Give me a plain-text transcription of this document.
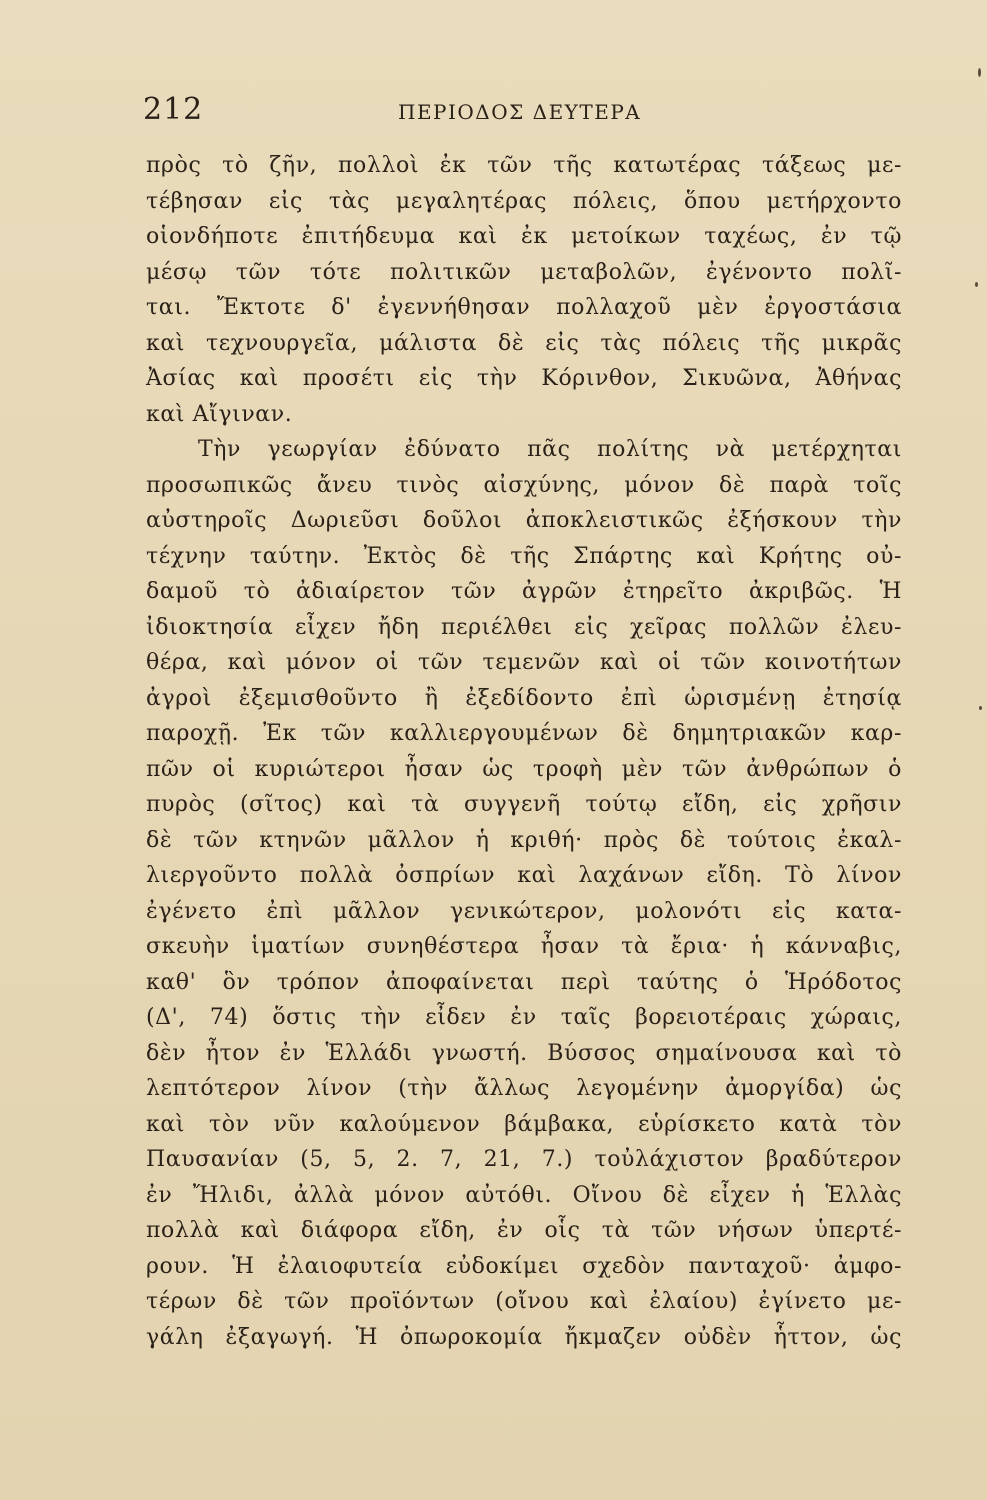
212	ΠΕΡΙΟΔΟΣ ΔΕΥΤΕΡΑ
πρὸς τὸ ζῆν, πολλοὶ ἐκ τῶν τῆς κατωτέρας τάξεως με-
τέβησαν εἰς τὰς μεγαλητέρας πόλεις, ὅπου μετήρχοντο
οἱονδήποτε ἐπιτήδευμα καὶ ἐκ μετοίκων ταχέως, ἐν τῷ
μέσῳ τῶν τότε πολιτικῶν μεταβολῶν, ἐγένοντο πολῖ-
ται. Ἔκτοτε δ' ἐγεννήθησαν πολλαχοῦ μὲν ἐργοστάσια
καὶ τεχνουργεῖα, μάλιστα δὲ εἰς τὰς πόλεις τῆς μικρᾶς
Ἀσίας καὶ προσέτι εἰς τὴν Κόρινθον, Σικυῶνα, Ἀθήνας
καὶ Αἴγιναν.
Τὴν γεωργίαν ἐδύνατο πᾶς πολίτης νὰ μετέρχηται
προσωπικῶς ἄνευ τινὸς αἰσχύνης, μόνον δὲ παρὰ τοῖς
αὐστηροῖς Δωριεῦσι δοῦλοι ἀποκλειστικῶς ἐξήσκουν τὴν
τέχνην ταύτην. Ἐκτὸς δὲ τῆς Σπάρτης καὶ Κρήτης οὐ-
δαμοῦ τὸ ἀδιαίρετον τῶν ἀγρῶν ἐτηρεῖτο ἀκριβῶς. Ἡ
ἰδιοκτησία εἶχεν ἤδη περιέλθει εἰς χεῖρας πολλῶν ἐλευ-
θέρα, καὶ μόνον οἱ τῶν τεμενῶν καὶ οἱ τῶν κοινοτήτων
ἀγροὶ ἐξεμισθοῦντο ἢ ἐξεδίδοντο ἐπὶ ὡρισμένῃ ἐτησίᾳ
παροχῇ. Ἐκ τῶν καλλιεργουμένων δὲ δημητριακῶν καρ-
πῶν οἱ κυριώτεροι ἦσαν ὡς τροφὴ μὲν τῶν ἀνθρώπων ὁ
πυρὸς (σῖτος) καὶ τὰ συγγενῆ τούτῳ εἴδη, εἰς χρῆσιν
δὲ τῶν κτηνῶν μᾶλλον ἡ κριθή· πρὸς δὲ τούτοις ἐκαλ-
λιεργοῦντο πολλὰ ὀσπρίων καὶ λαχάνων εἴδη. Τὸ λίνον
ἐγένετο ἐπὶ μᾶλλον γενικώτερον, μολονότι εἰς κατα-
σκευὴν ἱματίων συνηθέστερα ἦσαν τὰ ἔρια· ἡ κάνναβις,
καθ' ὃν τρόπον ἀποφαίνεται περὶ ταύτης ὁ Ἡρόδοτος
(Δ', 74) ὅστις τὴν εἶδεν ἐν ταῖς βορειοτέραις χώραις,
δὲν ἦτον ἐν Ἑλλάδι γνωστή. Βύσσος σημαίνουσα καὶ τὸ
λεπτότερον λίνον (τὴν ἄλλως λεγομένην ἀμοργίδα) ὡς
καὶ τὸν νῦν καλούμενον βάμβακα, εὑρίσκετο κατὰ τὸν
Παυσανίαν (5, 5, 2. 7, 21, 7.) τοὐλάχιστον βραδύτερον
ἐν Ἤλιδι, ἀλλὰ μόνον αὐτόθι. Οἴνου δὲ εἶχεν ἡ Ἑλλὰς
πολλὰ καὶ διάφορα εἴδη, ἐν οἷς τὰ τῶν νήσων ὑπερτέ-
ρουν. Ἡ ἐλαιοφυτεία εὐδοκίμει σχεδὸν πανταχοῦ· ἀμφο-
τέρων δὲ τῶν προϊόντων (οἴνου καὶ ἐλαίου) ἐγίνετο με-
γάλη ἐξαγωγή. Ἡ ὀπωροκομία ἤκμαζεν οὐδὲν ἧττον, ὡς
